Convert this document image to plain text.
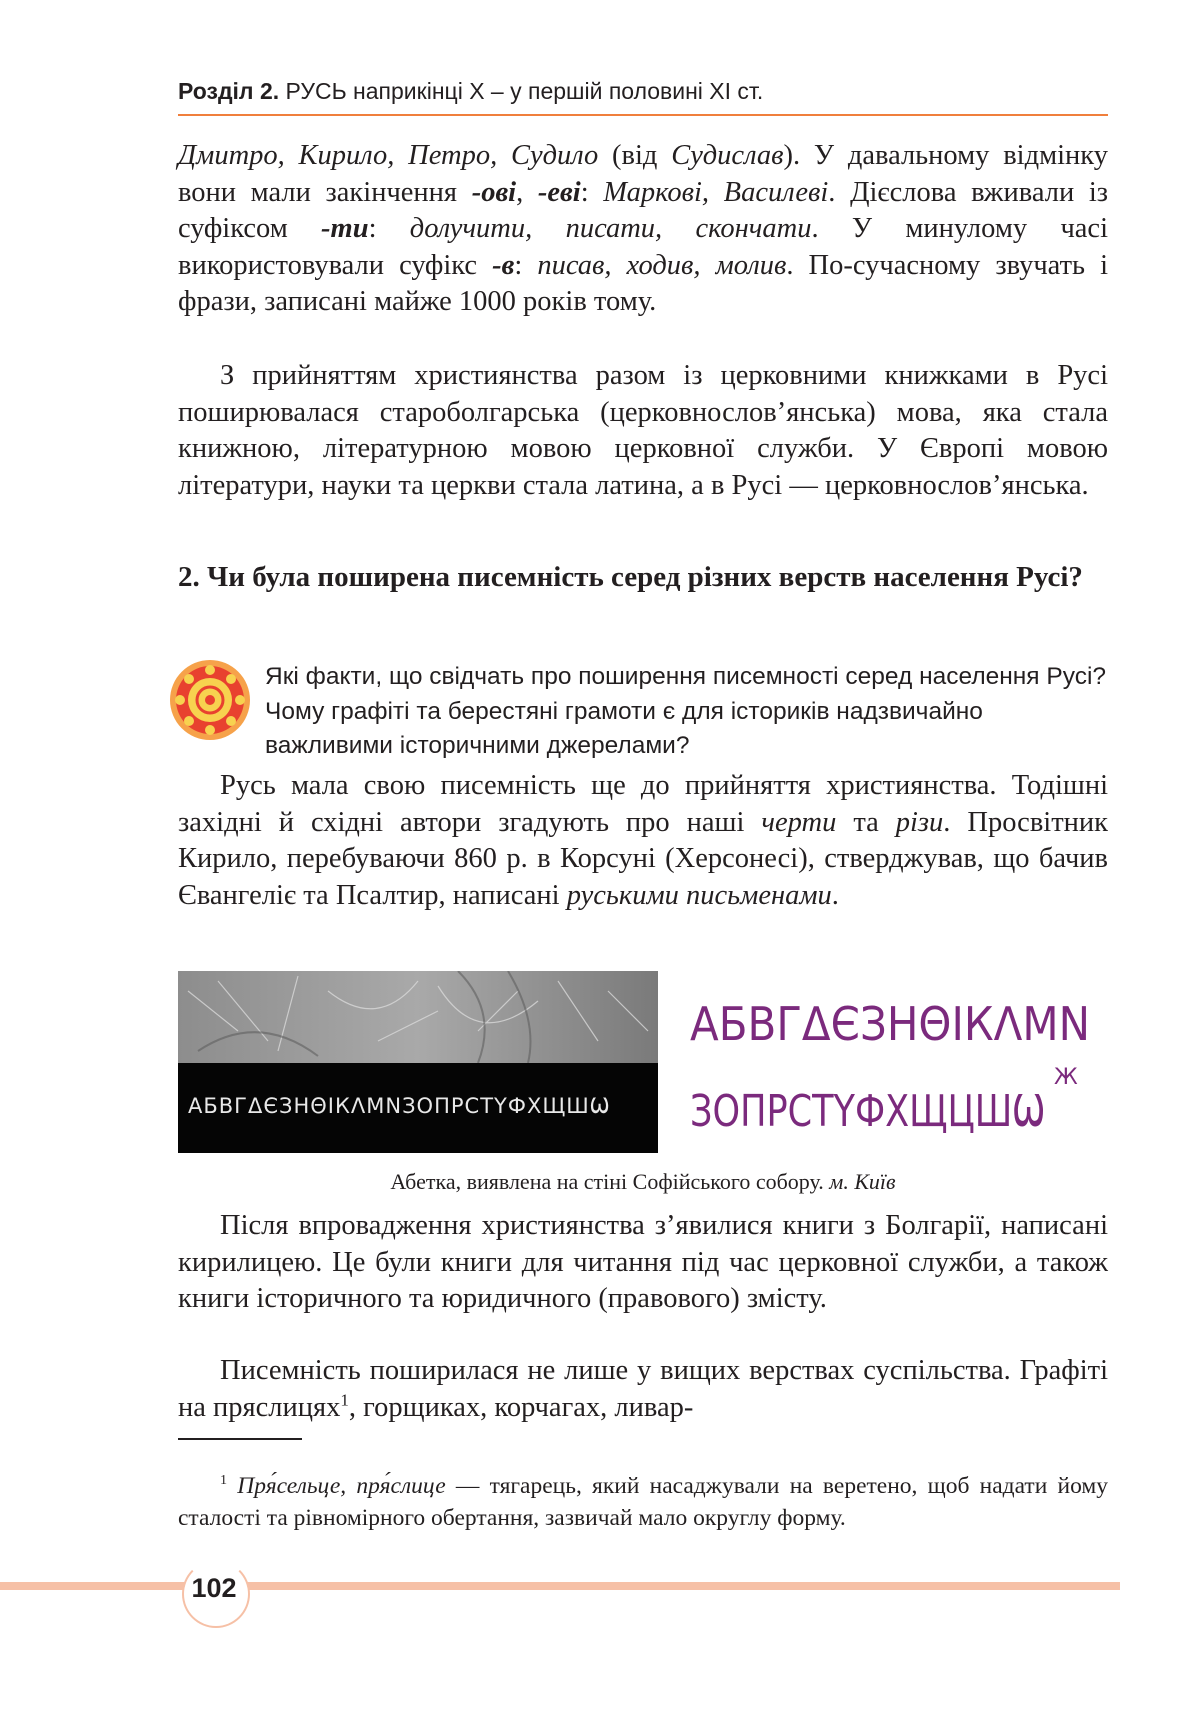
Розділ 2. РУСЬ наприкінці X – у першій половині XI ст.

Дмитро, Кирило, Петро, Судило (від Судислав). У давальному відмінку вони мали закінчення -ові, -еві: Маркові, Василеві. Дієслова вживали із суфіксом -ти: долучити, писати, скончати. У минулому часі використовували суфікс -в: писав, ходив, молив. По-сучасному звучать і фрази, записані майже 1000 років тому.

З прийняттям християнства разом із церковними книжками в Русі поширювалася староболгарська (церковнослов’янська) мова, яка стала книжною, літературною мовою церковної служби. У Європі мовою літератури, науки та церкви стала латина, а в Русі — церковнослов’янська.

2. Чи була поширена писемність серед різних верств населення Русі?
Які факти, що свідчать про поширення писемності серед населення Русі? Чому графіті та берестяні грамоти є для істориків надзвичайно важливими історичними джерелами?

Русь мала свою писемність ще до прийняття християнства. Тодішні західні й східні автори згадують про наші черти та різи. Просвітник Кирило, перебуваючи 860 р. в Корсуні (Херсонесі), стверджував, що бачив Євангеліє та Псалтир, написані руськими письменами.

ΑБВГΔЄЗНΘІКΛМNЗОПРСТΥФХЩШѠ
ΑБВГΔЄЗНΘІКΛМN
ЗОПРСТΥФХЩЦШѠ
Ж
Абетка, виявлена на стіні Софійського собору. м. Київ

Після впровадження християнства з’явилися книги з Болгарії, написані кирилицею. Це були книги для читання під час церковної служби, а також книги історичного та юридичного (правового) змісту.

Писемність поширилася не лише у вищих верствах суспільства. Графіті на пряслицях$^1$, горщиках, корчагах, ливар-

$^1$ Пря́сельце, пря́слице — тягарець, який насаджували на веретено, щоб надати йому сталості та рівномірного обертання, зазвичай мало округлу форму.

102
